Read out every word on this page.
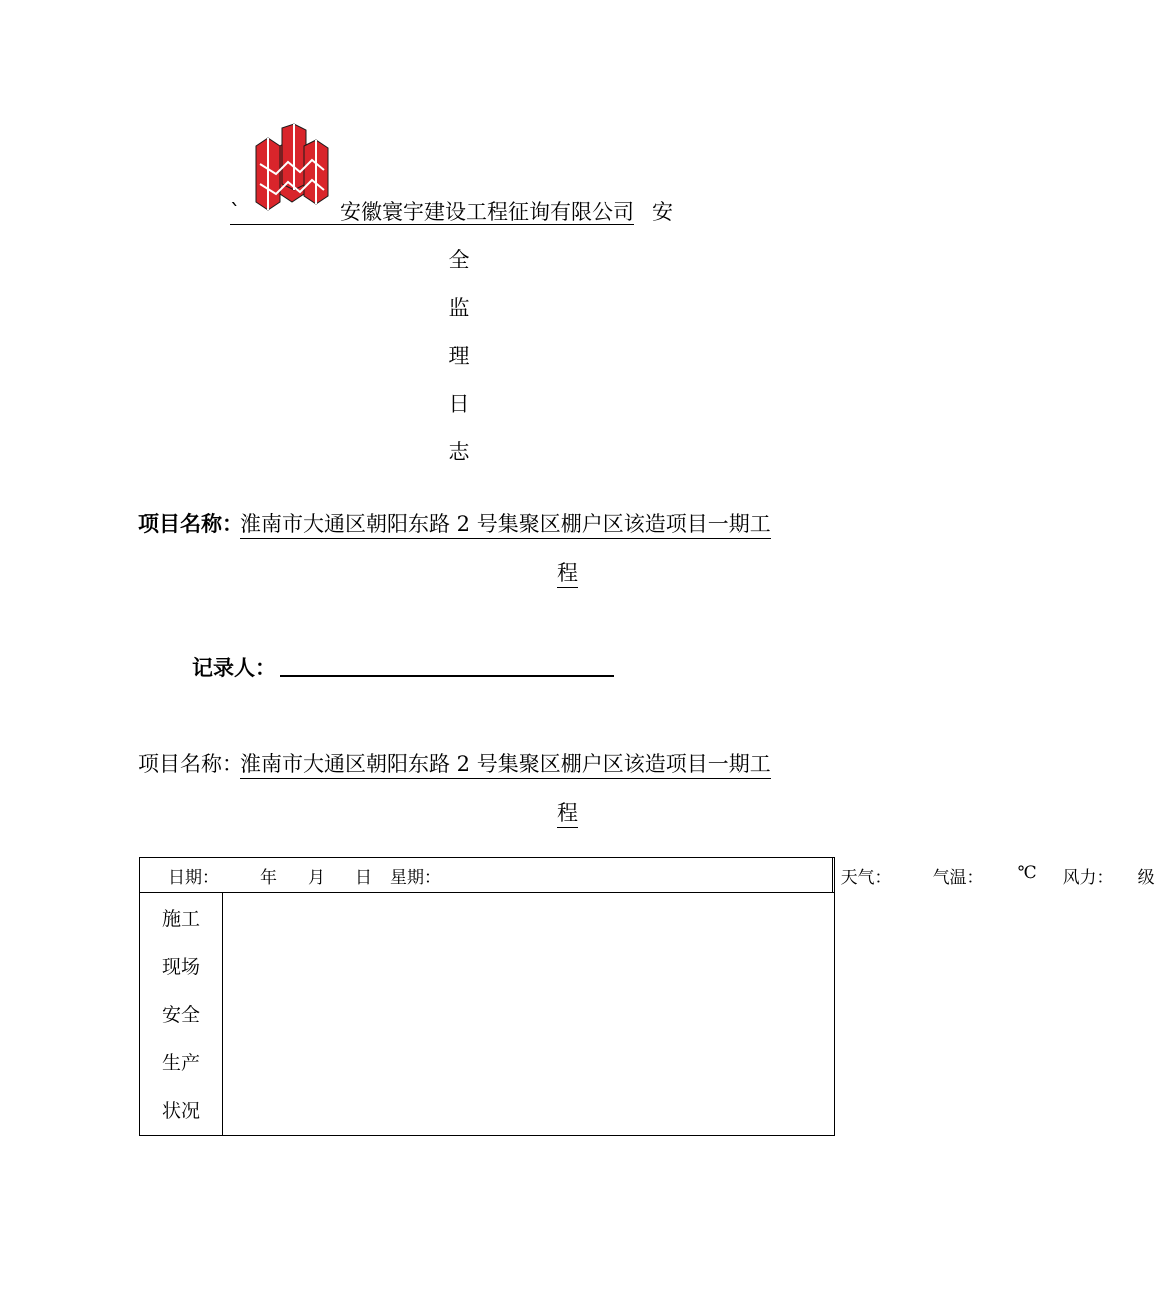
`	安徽寰宇建设工程征询有限公司 安
全
监
理
日
志
项目名称：
淮南市大通区朝阳东路 2 号集聚区棚户区该造项目一期工
程
记录人：
项目名称：
淮南市大通区朝阳东路 2 号集聚区棚户区该造项目一期工
程
日期： 年 月 日 星期：		天气： 气温： ℃ 风力： 级

施工
现场
安全
生产
状况		
